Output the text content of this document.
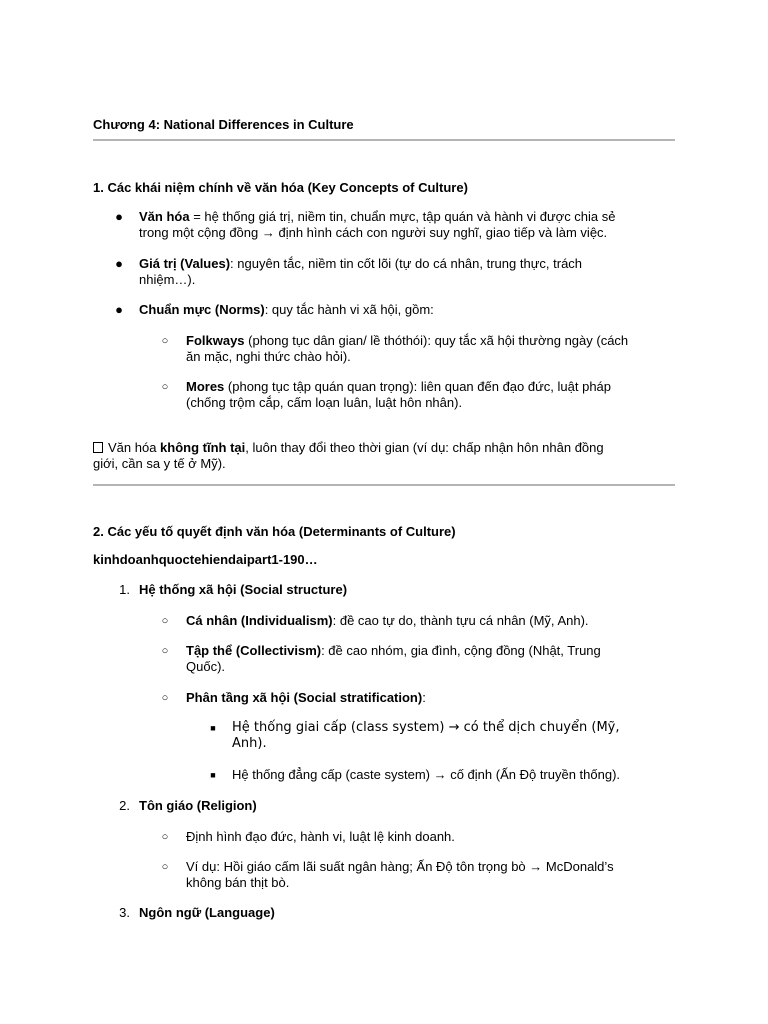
Chương 4: National Differences in Culture
1. Các khái niệm chính về văn hóa (Key Concepts of Culture)
● Văn hóa = hệ thống giá trị, niềm tin, chuẩn mực, tập quán và hành vi được chia sẻ
trong một cộng đồng → định hình cách con người suy nghĩ, giao tiếp và làm việc.
● Giá trị (Values): nguyên tắc, niềm tin cốt lõi (tự do cá nhân, trung thực, trách
nhiệm…).
● Chuẩn mực (Norms): quy tắc hành vi xã hội, gồm:
○ Folkways (phong tục dân gian/ lề thóthói): quy tắc xã hội thường ngày (cách
ăn mặc, nghi thức chào hỏi).
○ Mores (phong tục tập quán quan trọng): liên quan đến đạo đức, luật pháp
(chống trộm cắp, cấm loạn luân, luật hôn nhân).
Văn hóa không tĩnh tại, luôn thay đổi theo thời gian (ví dụ: chấp nhận hôn nhân đồng
giới, cần sa y tế ở Mỹ).
2. Các yếu tố quyết định văn hóa (Determinants of Culture)
kinhdoanhquoctehiendaipart1-190…
1. Hệ thống xã hội (Social structure)
○ Cá nhân (Individualism): đề cao tự do, thành tựu cá nhân (Mỹ, Anh).
○ Tập thể (Collectivism): đề cao nhóm, gia đình, cộng đồng (Nhật, Trung
Quốc).
○ Phân tầng xã hội (Social stratification):
■	Hệ thống giai cấp (class system) → có thể dịch chuyển (Mỹ,
Anh).
■	Hệ thống đẳng cấp (caste system) → cố định (Ấn Độ truyền thống).
2. Tôn giáo (Religion)
○ Định hình đạo đức, hành vi, luật lệ kinh doanh.
○ Ví dụ: Hồi giáo cấm lãi suất ngân hàng; Ấn Độ tôn trọng bò → McDonald’s
không bán thịt bò.
3. Ngôn ngữ (Language)
